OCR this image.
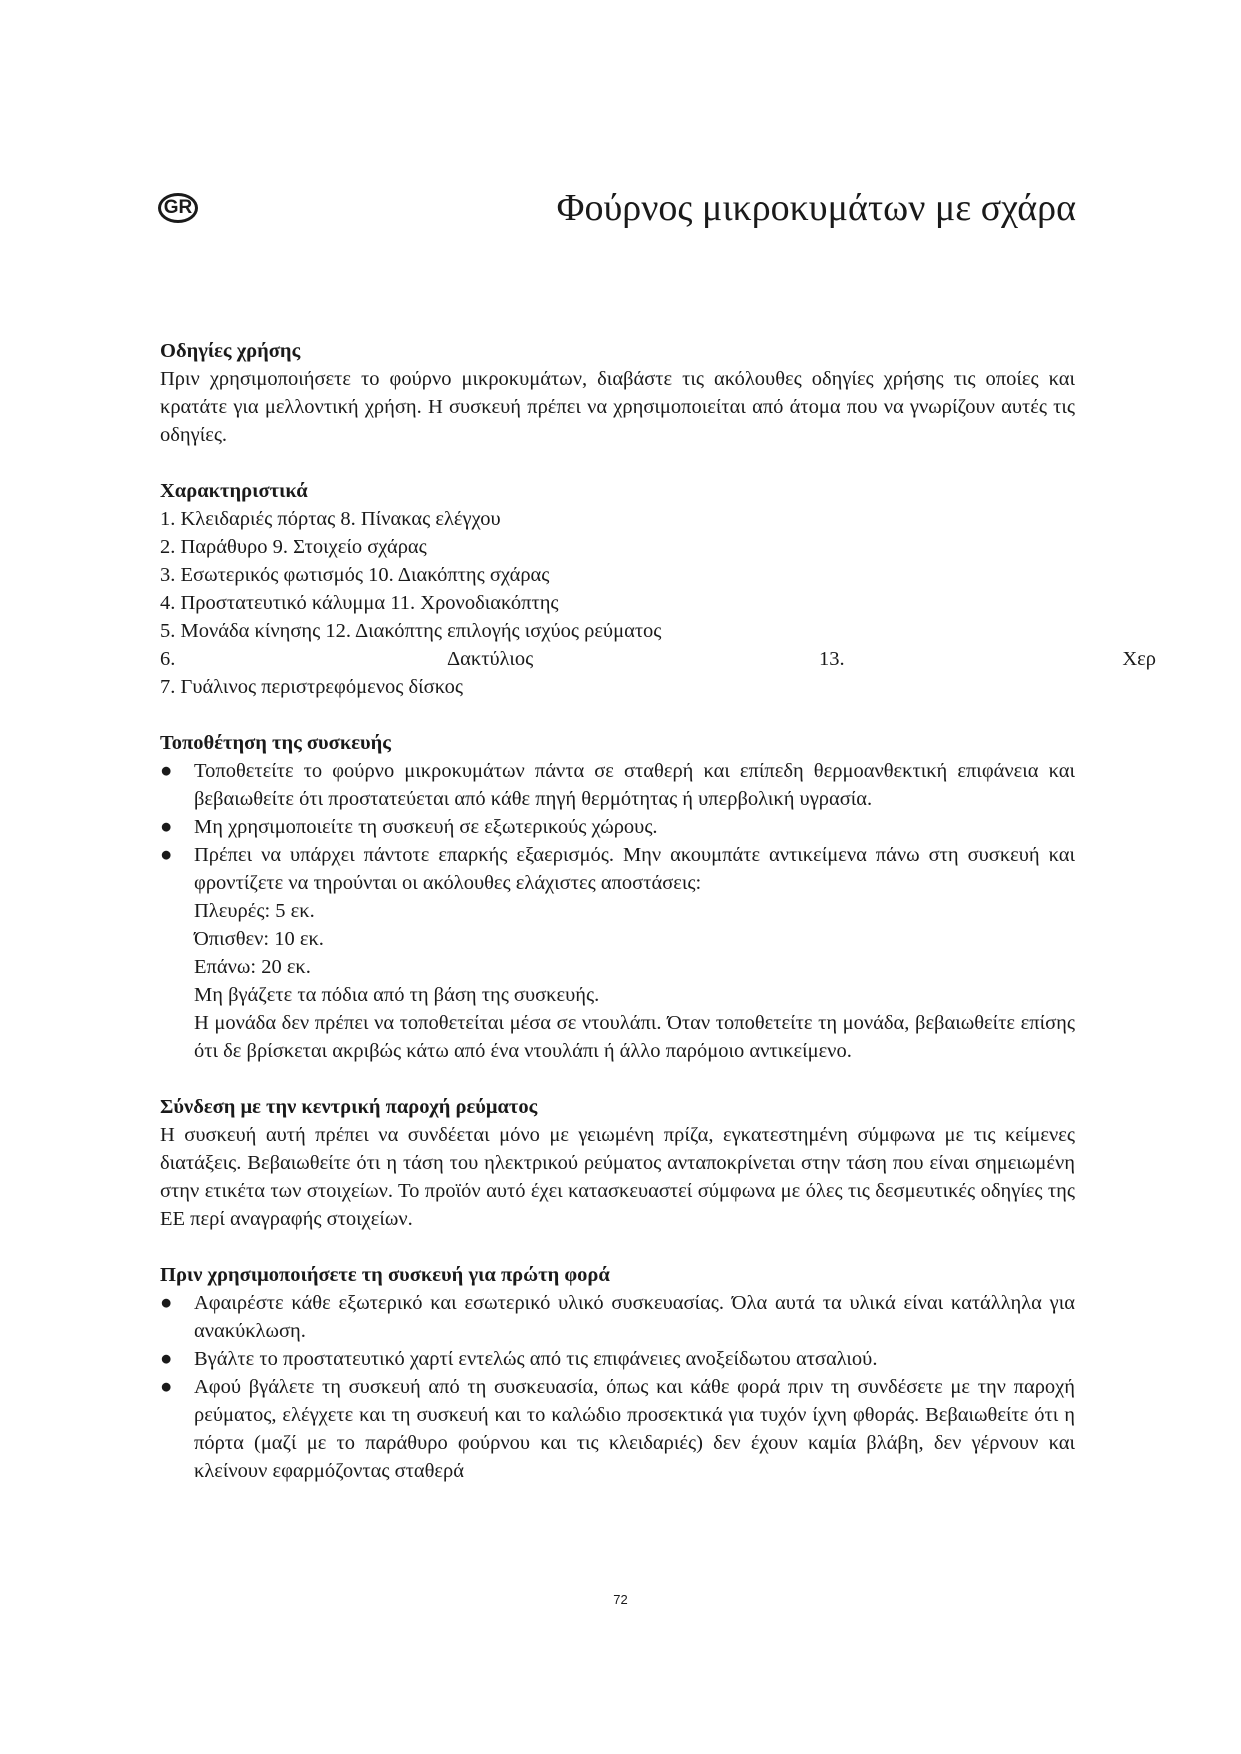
GR	Φούρνος μικροκυμάτων με σχάρα

Οδηγίες χρήσης

Πριν χρησιμοποιήσετε το φούρνο μικροκυμάτων, διαβάστε τις ακόλουθες οδηγίες χρήσης τις οποίες και κρατάτε για μελλοντική χρήση. Η συσκευή πρέπει να χρησιμοποιείται από άτομα που να γνωρίζουν αυτές τις οδηγίες.

Χαρακτηριστικά

1. Κλειδαριές πόρτας 8. Πίνακας ελέγχου

2. Παράθυρο 9. Στοιχείο σχάρας

3. Εσωτερικός φωτισμός 10. Διακόπτης σχάρας

4. Προστατευτικό κάλυμμα 11. Χρονοδιακόπτης

5. Μονάδα κίνησης 12. Διακόπτης επιλογής ισχύος ρεύματος

6.	Δακτύλιος	13.	Χερ

7. Γυάλινος περιστρεφόμενος δίσκος

Τοποθέτηση της συσκευής

● Τοποθετείτε το φούρνο μικροκυμάτων πάντα σε σταθερή και επίπεδη θερμοανθεκτική επιφάνεια και βεβαιωθείτε ότι προστατεύεται από κάθε πηγή θερμότητας ή υπερβολική υγρασία.
● Μη χρησιμοποιείτε τη συσκευή σε εξωτερικούς χώρους.
● Πρέπει να υπάρχει πάντοτε επαρκής εξαερισμός. Μην ακουμπάτε αντικείμενα πάνω στη συσκευή και φροντίζετε να τηρούνται οι ακόλουθες ελάχιστες αποστάσεις:

Πλευρές: 5 εκ.

Όπισθεν: 10 εκ.

Επάνω: 20 εκ.

Μη βγάζετε τα πόδια από τη βάση της συσκευής.

Η μονάδα δεν πρέπει να τοποθετείται μέσα σε ντουλάπι. Όταν τοποθετείτε τη μονάδα, βεβαιωθείτε επίσης ότι δε βρίσκεται ακριβώς κάτω από ένα ντουλάπι ή άλλο παρόμοιο αντικείμενο.

Σύνδεση με την κεντρική παροχή ρεύματος

Η συσκευή αυτή πρέπει να συνδέεται μόνο με γειωμένη πρίζα, εγκατεστημένη σύμφωνα με τις κείμενες διατάξεις. Βεβαιωθείτε ότι η τάση του ηλεκτρικού ρεύματος ανταποκρίνεται στην τάση που είναι σημειωμένη στην ετικέτα των στοιχείων. Το προϊόν αυτό έχει κατασκευαστεί σύμφωνα με όλες τις δεσμευτικές οδηγίες της ΕΕ περί αναγραφής στοιχείων.

Πριν χρησιμοποιήσετε τη συσκευή για πρώτη φορά

● Αφαιρέστε κάθε εξωτερικό και εσωτερικό υλικό συσκευασίας. Όλα αυτά τα υλικά είναι κατάλληλα για ανακύκλωση.
● Βγάλτε το προστατευτικό χαρτί εντελώς από τις επιφάνειες ανοξείδωτου ατσαλιού.
● Αφού βγάλετε τη συσκευή από τη συσκευασία, όπως και κάθε φορά πριν τη συνδέσετε με την παροχή ρεύματος, ελέγχετε και τη συσκευή και το καλώδιο προσεκτικά για τυχόν ίχνη φθοράς. Βεβαιωθείτε ότι η πόρτα (μαζί με το παράθυρο φούρνου και τις κλειδαριές) δεν έχουν καμία βλάβη, δεν γέρνουν και κλείνουν εφαρμόζοντας σταθερά
72
